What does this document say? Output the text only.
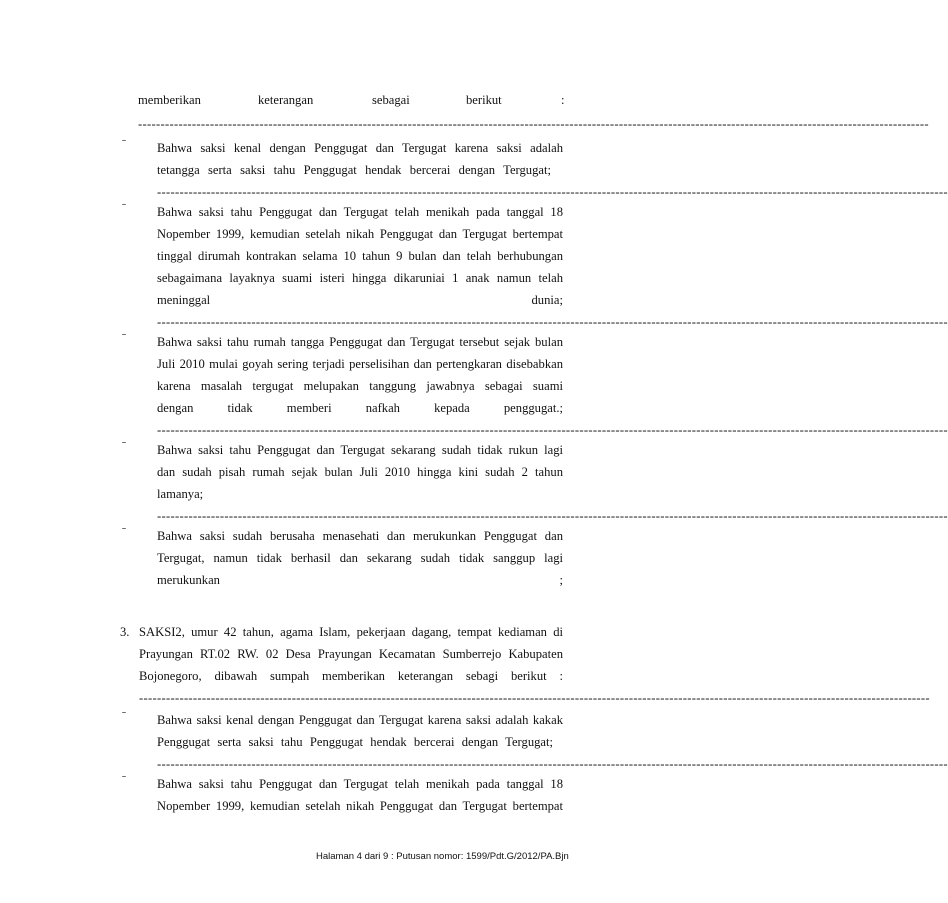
memberikan	keterangan	sebagai	berikut	:
--------------------------------------------------------------------------------------------------------------------------------------------------------------------------------
ˉ Bahwa saksi kenal dengan Penggugat dan Tergugat karena saksi adalah
tetangga serta saksi tahu Penggugat hendak bercerai dengan Tergugat;
--------------------------------------------------------------------------------------------------------------------------------------------------------------------------------
ˉ Bahwa saksi tahu Penggugat dan Tergugat telah menikah pada tanggal 18
Nopember 1999, kemudian setelah nikah Penggugat dan Tergugat bertempat
tinggal dirumah kontrakan selama 10 tahun 9 bulan dan telah berhubungan
sebagaimana layaknya suami isteri hingga dikaruniai 1 anak namun telah
meninggal dunia;
--------------------------------------------------------------------------------------------------------------------------------------------------------------------------------
ˉ Bahwa saksi tahu rumah tangga Penggugat dan Tergugat tersebut sejak bulan
Juli 2010 mulai goyah sering terjadi perselisihan dan pertengkaran disebabkan
karena masalah tergugat melupakan tanggung jawabnya sebagai suami
dengan tidak memberi nafkah kepada penggugat.;
--------------------------------------------------------------------------------------------------------------------------------------------------------------------------------
ˉ Bahwa saksi tahu Penggugat dan Tergugat sekarang sudah tidak rukun lagi
dan sudah pisah rumah sejak bulan Juli 2010 hingga kini sudah 2 tahun
lamanya;
--------------------------------------------------------------------------------------------------------------------------------------------------------------------------------
ˉ Bahwa saksi sudah berusaha menasehati dan merukunkan Penggugat dan
Tergugat, namun tidak berhasil dan sekarang sudah tidak sanggup lagi
merukunkan ;
3. SAKSI2, umur 42 tahun, agama Islam, pekerjaan dagang, tempat kediaman di
Prayungan RT.02 RW. 02 Desa Prayungan Kecamatan Sumberrejo Kabupaten
Bojonegoro, dibawah sumpah memberikan keterangan sebagi berikut :
--------------------------------------------------------------------------------------------------------------------------------------------------------------------------------
ˉ Bahwa saksi kenal dengan Penggugat dan Tergugat karena saksi adalah kakak
Penggugat serta saksi tahu Penggugat hendak bercerai dengan Tergugat;
--------------------------------------------------------------------------------------------------------------------------------------------------------------------------------
ˉ Bahwa saksi tahu Penggugat dan Tergugat telah menikah pada tanggal 18
Nopember 1999, kemudian setelah nikah Penggugat dan Tergugat bertempat
Halaman 4 dari 9 : Putusan nomor: 1599/Pdt.G/2012/PA.Bjn
